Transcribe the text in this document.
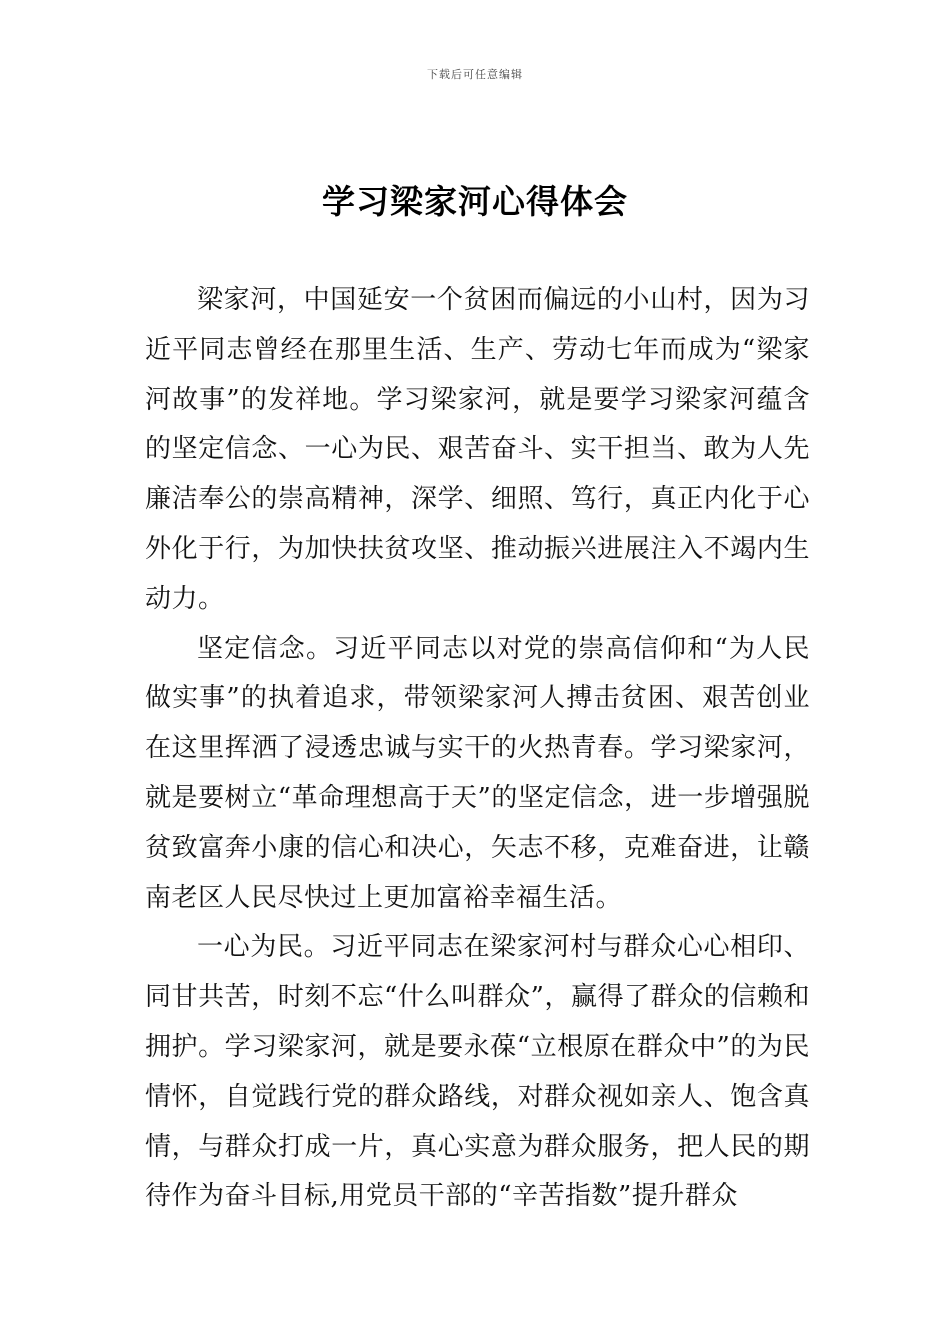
下载后可任意编辑
学习梁家河心得体会

梁家河，中国延安一个贫困而偏远的小山村，因为习近平同志曾经在那里生活、生产、劳动七年而成为“梁家河故事”的发祥地。学习梁家河，就是要学习梁家河蕴含的坚定信念、一心为民、艰苦奋斗、实干担当、敢为人先廉洁奉公的崇高精神，深学、细照、笃行，真正内化于心外化于行，为加快扶贫攻坚、推动振兴进展注入不竭内生动力。

坚定信念。习近平同志以对党的崇高信仰和“为人民做实事”的执着追求，带领梁家河人搏击贫困、艰苦创业在这里挥洒了浸透忠诚与实干的火热青春。学习梁家河，就是要树立“革命理想高于天”的坚定信念，进一步增强脱贫致富奔小康的信心和决心，矢志不移，克难奋进，让赣南老区人民尽快过上更加富裕幸福生活。

一心为民。习近平同志在梁家河村与群众心心相印、同甘共苦，时刻不忘“什么叫群众”，赢得了群众的信赖和拥护。学习梁家河，就是要永葆“立根原在群众中”的为民情怀，自觉践行党的群众路线，对群众视如亲人、饱含真情，与群众打成一片，真心实意为群众服务，把人民的期待作为奋斗目标,用党员干部的“辛苦指数”提升群众
